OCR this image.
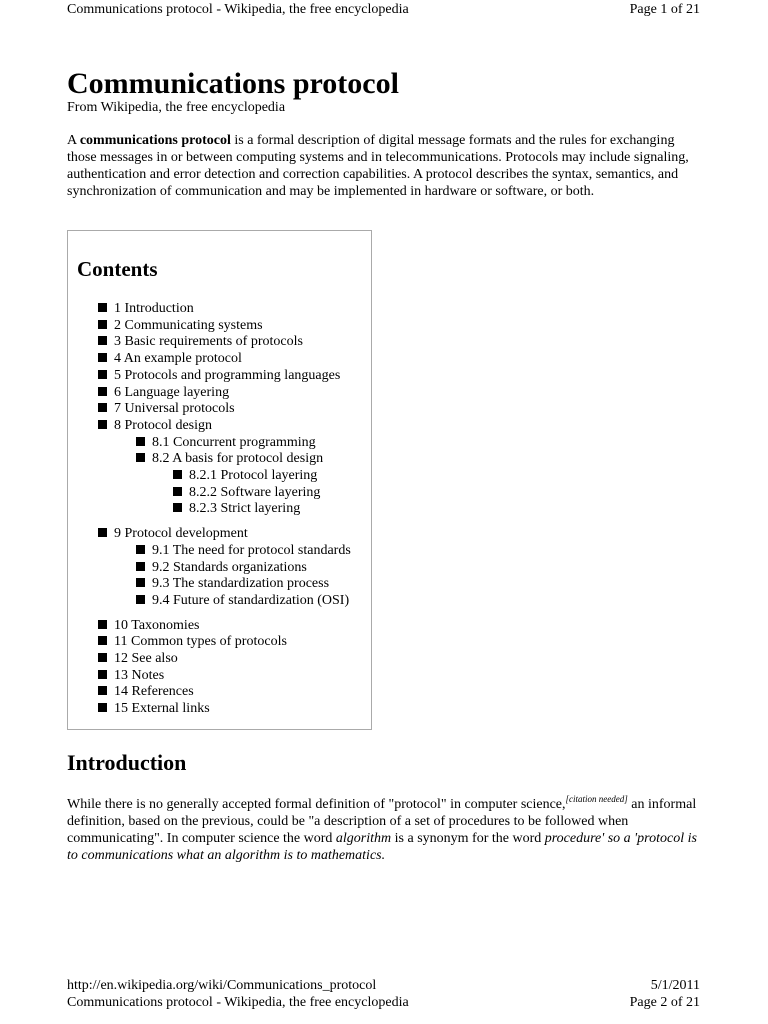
Communications protocol - Wikipedia, the free encyclopedia	Page 1 of 21
Communications protocol
From Wikipedia, the free encyclopedia
A communications protocol is a formal description of digital message formats and the rules for exchanging those messages in or between computing systems and in telecommunications. Protocols may include signaling, authentication and error detection and correction capabilities. A protocol describes the syntax, semantics, and synchronization of communication and may be implemented in hardware or software, or both.
Contents
1 Introduction
2 Communicating systems
3 Basic requirements of protocols
4 An example protocol
5 Protocols and programming languages
6 Language layering
7 Universal protocols
8 Protocol design
8.1 Concurrent programming
8.2 A basis for protocol design
8.2.1 Protocol layering
8.2.2 Software layering
8.2.3 Strict layering
9 Protocol development
9.1 The need for protocol standards
9.2 Standards organizations
9.3 The standardization process
9.4 Future of standardization (OSI)
10 Taxonomies
11 Common types of protocols
12 See also
13 Notes
14 References
15 External links
Introduction
While there is no generally accepted formal definition of "protocol" in computer science,[citation needed] an informal definition, based on the previous, could be "a description of a set of procedures to be followed when communicating". In computer science the word algorithm is a synonym for the word procedure' so a 'protocol is to communications what an algorithm is to mathematics.
http://en.wikipedia.org/wiki/Communications_protocol	5/1/2011
Communications protocol - Wikipedia, the free encyclopedia	Page 2 of 21
